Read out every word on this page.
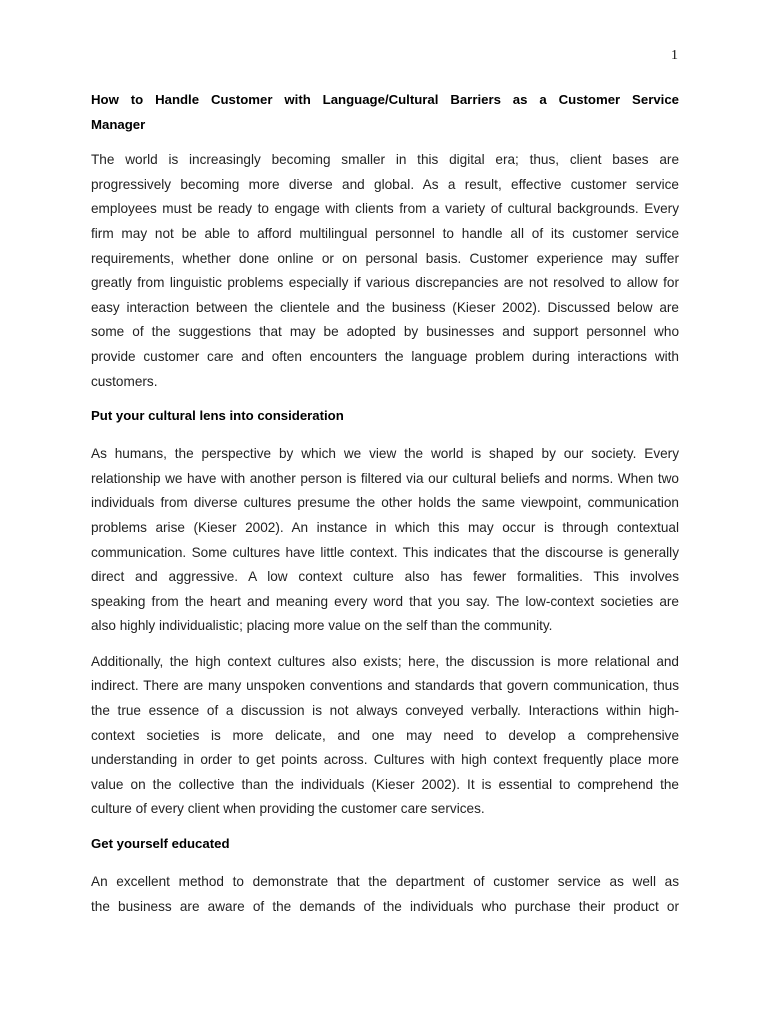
1
How to Handle Customer with Language/Cultural Barriers as a Customer Service
Manager
The world is increasingly becoming smaller in this digital era; thus, client bases are
progressively becoming more diverse and global. As a result, effective customer service
employees must be ready to engage with clients from a variety of cultural backgrounds. Every
firm may not be able to afford multilingual personnel to handle all of its customer service
requirements, whether done online or on personal basis. Customer experience may suffer
greatly from linguistic problems especially if various discrepancies are not resolved to allow for
easy interaction between the clientele and the business (Kieser 2002). Discussed below are
some of the suggestions that may be adopted by businesses and support personnel who
provide customer care and often encounters the language problem during interactions with
customers.
Put your cultural lens into consideration
As humans, the perspective by which we view the world is shaped by our society. Every
relationship we have with another person is filtered via our cultural beliefs and norms. When two
individuals from diverse cultures presume the other holds the same viewpoint, communication
problems arise (Kieser 2002). An instance in which this may occur is through contextual
communication. Some cultures have little context. This indicates that the discourse is generally
direct and aggressive. A low context culture also has fewer formalities. This involves
speaking from the heart and meaning every word that you say. The low-context societies are
also highly individualistic; placing more value on the self than the community.
Additionally, the high context cultures also exists; here, the discussion is more relational and
indirect. There are many unspoken conventions and standards that govern communication, thus
the true essence of a discussion is not always conveyed verbally. Interactions within high-
context societies is more delicate, and one may need to develop a comprehensive
understanding in order to get points across. Cultures with high context frequently place more
value on the collective than the individuals (Kieser 2002). It is essential to comprehend the
culture of every client when providing the customer care services.
Get yourself educated
An excellent method to demonstrate that the department of customer service as well as
the business are aware of the demands of the individuals who purchase their product or
